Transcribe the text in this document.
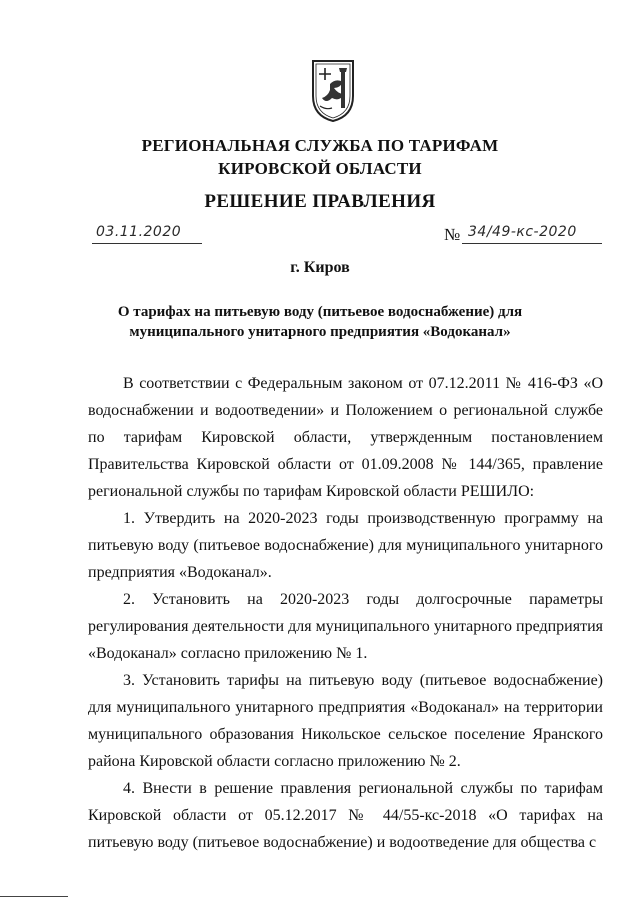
РЕГИОНАЛЬНАЯ СЛУЖБА ПО ТАРИФАМ
КИРОВСКОЙ ОБЛАСТИ
РЕШЕНИЕ ПРАВЛЕНИЯ
03.11.2020	№ 34/49-кс-2020
г. Киров
О тарифах на питьевую воду (питьевое водоснабжение) для
муниципального унитарного предприятия «Водоканал»

В соответствии с Федеральным законом от 07.12.2011 № 416-ФЗ «О водоснабжении и водоотведении» и Положением о региональной службе по тарифам Кировской области, утвержденным постановлением Правительства Кировской области от 01.09.2008 № 144/365, правление региональной службы по тарифам Кировской области РЕШИЛО:

1. Утвердить на 2020-2023 годы производственную программу на питьевую воду (питьевое водоснабжение) для муниципального унитарного предприятия «Водоканал».

2. Установить на 2020-2023 годы долгосрочные параметры регулирования деятельности для муниципального унитарного предприятия «Водоканал» согласно приложению № 1.

3. Установить тарифы на питьевую воду (питьевое водоснабжение) для муниципального унитарного предприятия «Водоканал» на территории муниципального образования Никольское сельское поселение Яранского района Кировской области согласно приложению № 2.

4. Внести в решение правления региональной службы по тарифам Кировской области от 05.12.2017 № 44/55-кс-2018 «О тарифах на питьевую воду (питьевое водоснабжение) и водоотведение для общества с
